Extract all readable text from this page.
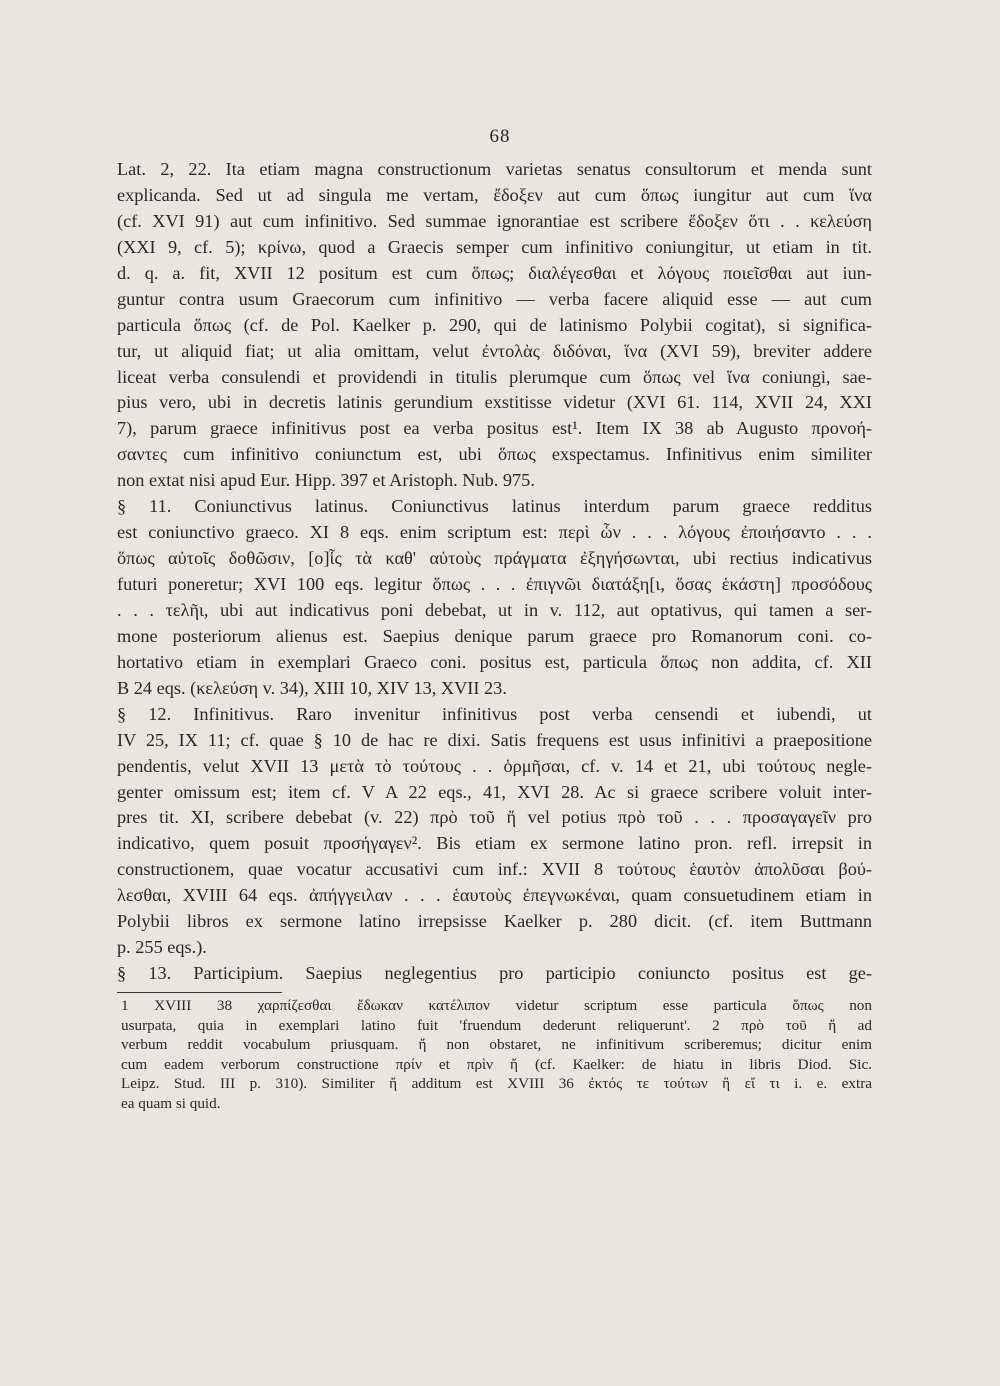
68
Lat. 2, 22. Ita etiam magna constructionum varietas senatus consultorum et menda sunt
explicanda. Sed ut ad singula me vertam, ἔδοξεν aut cum ὅπως iungitur aut cum ἵνα
(cf. XVI 91) aut cum infinitivo. Sed summae ignorantiae est scribere ἔδοξεν ὅτι . . κελεύση
(XXI 9, cf. 5); κρίνω, quod a Graecis semper cum infinitivo coniungitur, ut etiam in tit.
d. q. a. fit, XVII 12 positum est cum ὅπως; διαλέγεσθαι et λόγους ποιεῖσθαι aut iun-
guntur contra usum Graecorum cum infinitivo — verba facere aliquid esse — aut cum
particula ὅπως (cf. de Pol. Kaelker p. 290, qui de latinismo Polybii cogitat), si significa-
tur, ut aliquid fiat; ut alia omittam, velut ἐντολὰς διδόναι, ἵνα (XVI 59), breviter addere
liceat verba consulendi et providendi in titulis plerumque cum ὅπως vel ἵνα coniungi, sae-
pius vero, ubi in decretis latinis gerundium exstitisse videtur (XVI 61. 114, XVII 24, XXI
7), parum graece infinitivus post ea verba positus est¹. Item IX 38 ab Augusto προνοή-
σαντες cum infinitivo coniunctum est, ubi ὅπως exspectamus. Infinitivus enim similiter
non extat nisi apud Eur. Hipp. 397 et Aristoph. Nub. 975.
§ 11. Coniunctivus latinus. Coniunctivus latinus interdum parum graece redditus
est coniunctivo graeco. XI 8 eqs. enim scriptum est: περὶ ὧν . . . λόγους ἐποιήσαντο . . .
ὅπως αὐτοῖς δοθῶσιν, [ο]ἷς τὰ καθ' αὑτοὺς πράγματα ἐξηγήσωνται, ubi rectius indicativus
futuri poneretur; XVI 100 eqs. legitur ὅπως . . . ἐπιγνῶι διατάξη[ι, ὅσας ἑκάστη] προσόδους
. . . τελῆι, ubi aut indicativus poni debebat, ut in v. 112, aut optativus, qui tamen a ser-
mone posteriorum alienus est. Saepius denique parum graece pro Romanorum coni. co-
hortativo etiam in exemplari Graeco coni. positus est, particula ὅπως non addita, cf. XII
B 24 eqs. (κελεύση v. 34), XIII 10, XIV 13, XVII 23.
§ 12. Infinitivus. Raro invenitur infinitivus post verba censendi et iubendi, ut
IV 25, IX 11; cf. quae § 10 de hac re dixi. Satis frequens est usus infinitivi a praepositione
pendentis, velut XVII 13 μετὰ τὸ τούτους . . ὁρμῆσαι, cf. v. 14 et 21, ubi τούτους negle-
genter omissum est; item cf. V A 22 eqs., 41, XVI 28. Ac si graece scribere voluit inter-
pres tit. XI, scribere debebat (v. 22) πρὸ τοῦ ἤ vel potius πρὸ τοῦ . . . προσαγαγεῖν pro
indicativo, quem posuit προσήγαγεν². Bis etiam ex sermone latino pron. refl. irrepsit in
constructionem, quae vocatur accusativi cum inf.: XVII 8 τούτους ἑαυτὸν ἀπολῦσαι βού-
λεσθαι, XVIII 64 eqs. ἀπήγγειλαν . . . ἑαυτοὺς ἐπεγνωκέναι, quam consuetudinem etiam in
Polybii libros ex sermone latino irrepsisse Kaelker p. 280 dicit. (cf. item Buttmann
p. 255 eqs.).
§ 13. Participium. Saepius neglegentius pro participio coniuncto positus est ge-
1 XVIII 38 χαρπίζεσθαι ἔδωκαν κατέλιπον videtur scriptum esse particula ὅπως non
usurpata, quia in exemplari latino fuit 'fruendum dederunt reliquerunt'. 2 πρὸ τοῦ ἤ ad
verbum reddit vocabulum priusquam. ἤ non obstaret, ne infinitivum scriberemus; dicitur enim
cum eadem verborum constructione πρίν et πρὶν ἤ (cf. Kaelker: de hiatu in libris Diod. Sic.
Leipz. Stud. III p. 310). Similiter ἤ additum est XVIII 36 ἐκτός τε τούτων ἢ εἴ τι i. e. extra
ea quam si quid.
